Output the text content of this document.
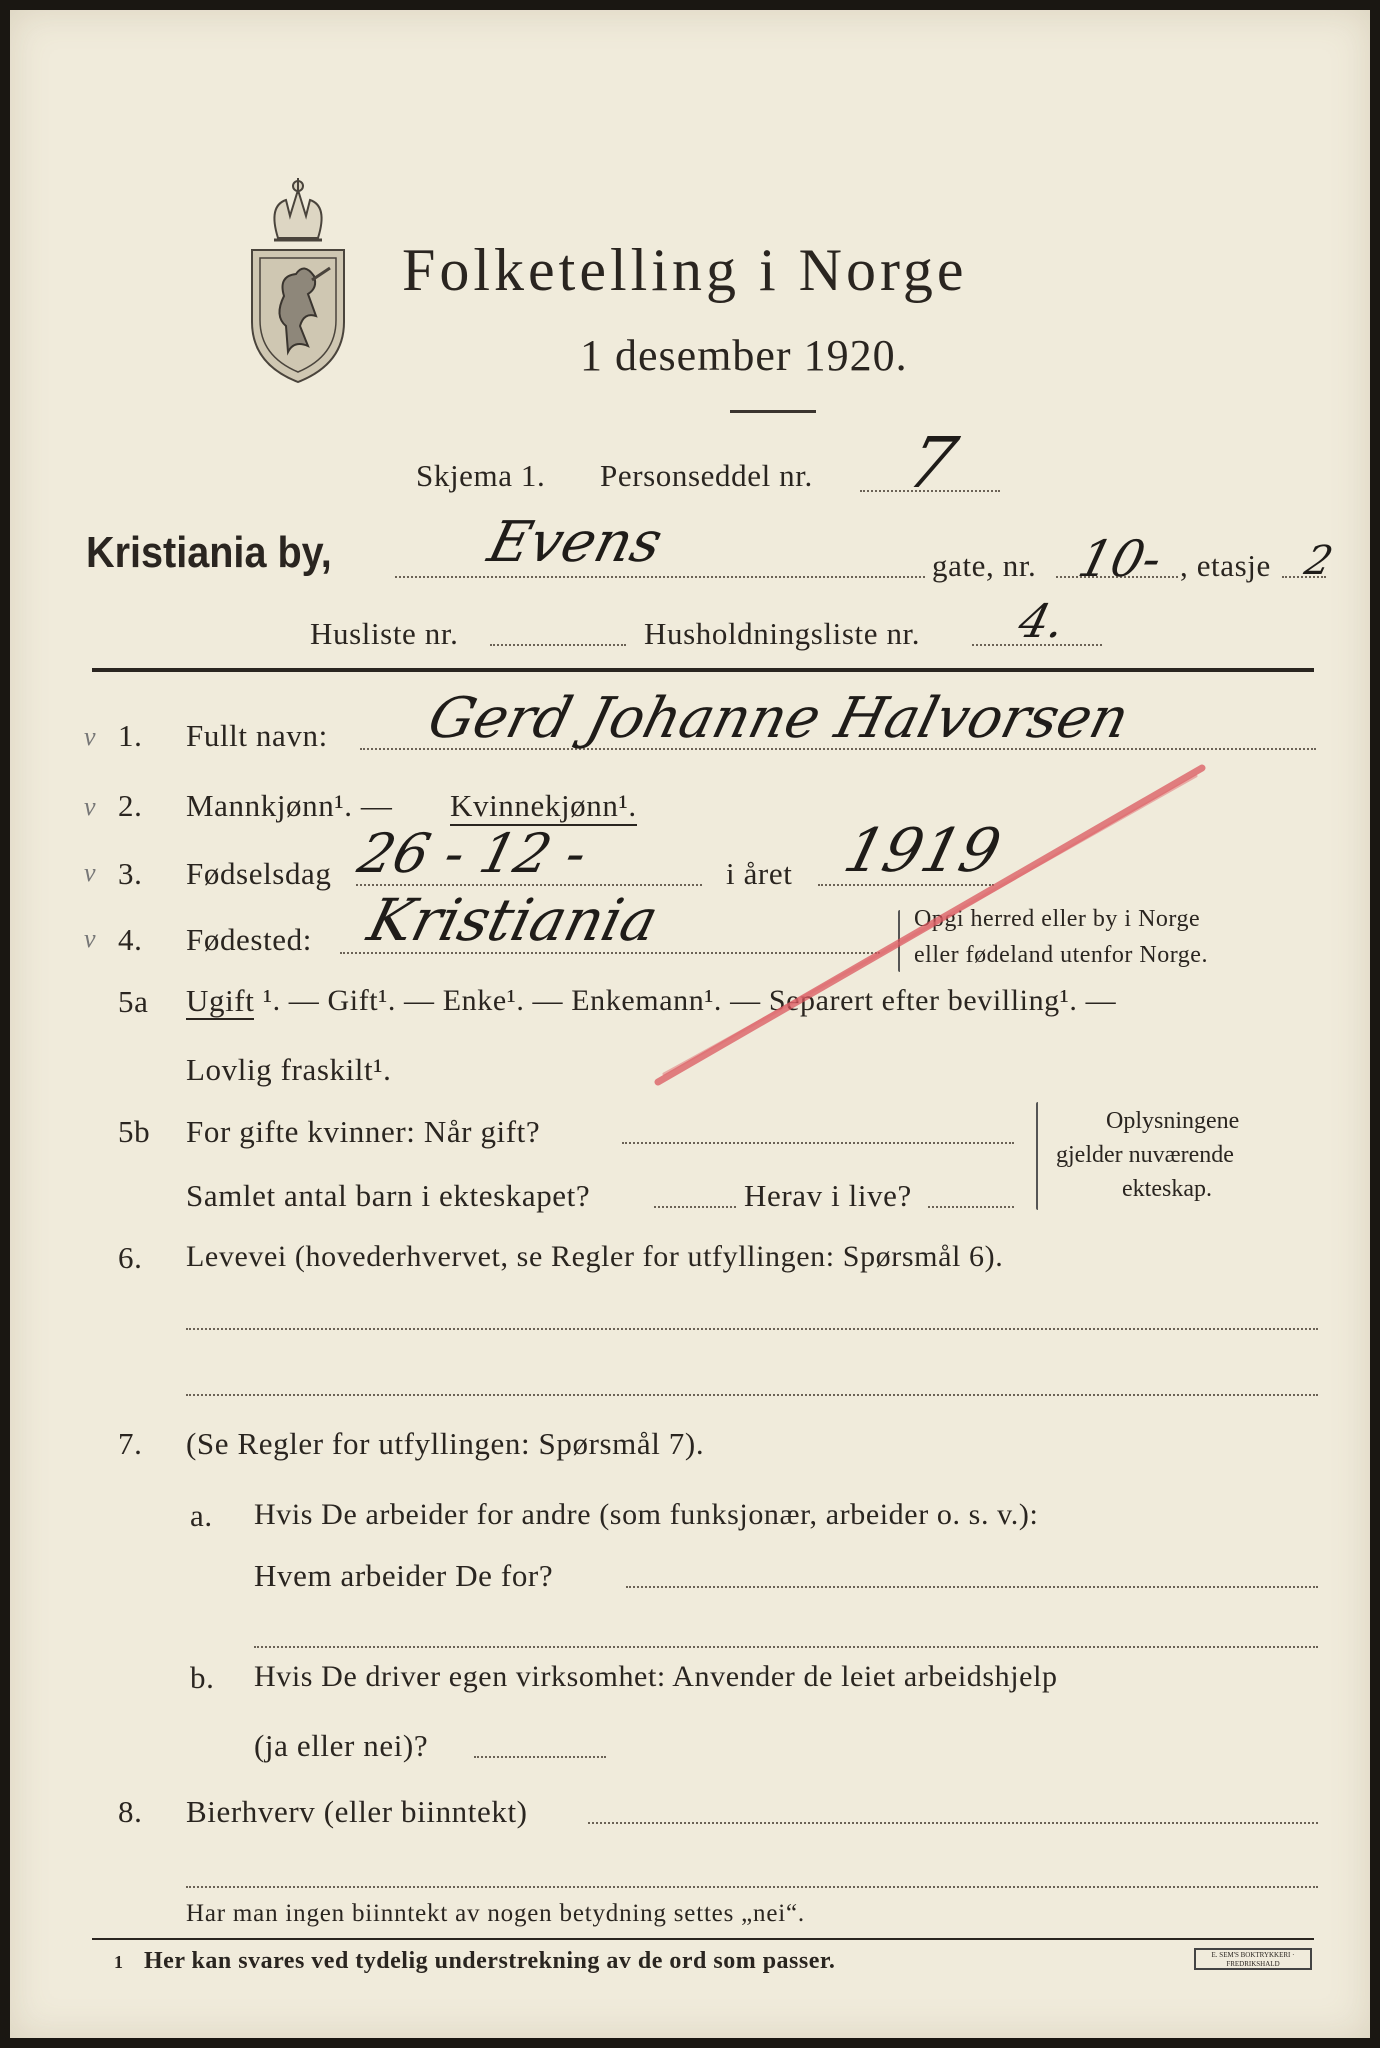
Folketelling i Norge
1 desember 1920.
Skjema 1. Personseddel nr. 7
Kristiania by,	Evens	gate, nr. 10- , etasje 2
Husliste nr.	Husholdningsliste nr. 4.
v 1. Fullt navn: Gerd Johanne Halvorsen
v 2. Mannkjønn¹. — Kvinnekjønn¹.
v 3. Fødselsdag 26 - 12 -	i året 1919
v 4. Fødested: Kristiania	Opgi herred eller by i Norge
eller fødeland utenfor Norge.
5a Ugift ¹. — Gift¹. — Enke¹. — Enkemann¹. — Separert efter bevilling¹. —
Lovlig fraskilt¹.
5b For gifte kvinner: Når gift?
Samlet antal barn i ekteskapet?	Herav i live?
Oplysningene
gjelder nuværende
ekteskap.
6. Levevei (hovederhvervet, se Regler for utfyllingen: Spørsmål 6).
7. (Se Regler for utfyllingen: Spørsmål 7).
a. Hvis De arbeider for andre (som funksjonær, arbeider o. s. v.):
Hvem arbeider De for?
b. Hvis De driver egen virksomhet: Anvender de leiet arbeidshjelp
(ja eller nei)?
8. Bierhverv (eller biinntekt)
Har man ingen biinntekt av nogen betydning settes „nei“.
1 Her kan svares ved tydelig understrekning av de ord som passer.	E. SEM'S BOKTRYKKERI · FREDRIKSHALD
